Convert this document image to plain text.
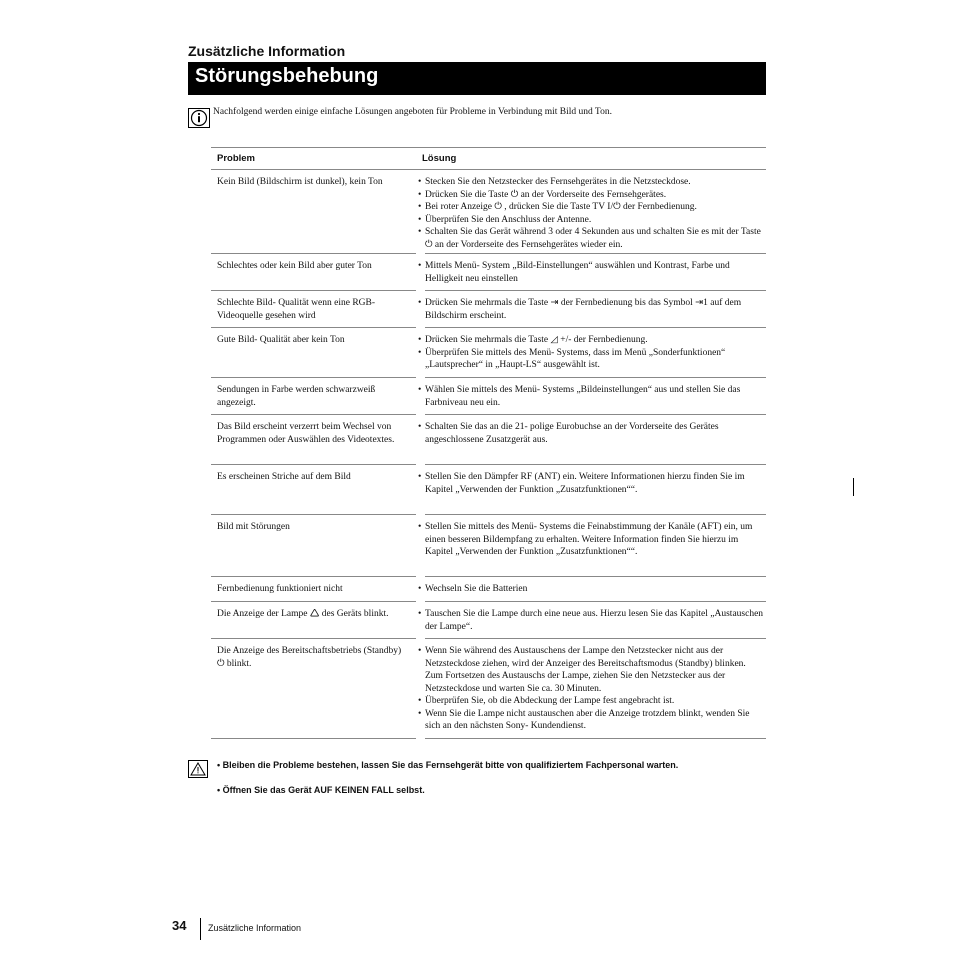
Zusätzliche Information
Störungsbehebung
Nachfolgend werden einige einfache Lösungen angeboten für Probleme in Verbindung mit Bild und Ton.
Problem	Lösung
Kein Bild (Bildschirm ist dunkel), kein Ton	• Stecken Sie den Netzstecker des Fernsehgerätes in die Netzsteckdose.
• Drücken Sie die Taste ⏻ an der Vorderseite des Fernsehgerätes.
• Bei roter Anzeige ⏻ , drücken Sie die Taste TV I/⏻ der Fernbedienung.
• Überprüfen Sie den Anschluss der Antenne.
• Schalten Sie das Gerät während 3 oder 4 Sekunden aus und schalten Sie es mit der Taste ⏻ an der Vorderseite des Fernsehgerätes wieder ein.
Schlechtes oder kein Bild aber guter Ton	• Mittels Menü- System „Bild-Einstellungen“ auswählen und Kontrast, Farbe und Helligkeit neu einstellen
Schlechte Bild- Qualität wenn eine RGB-Videoquelle gesehen wird
• Drücken Sie mehrmals die Taste ⇥ der Fernbedienung bis das Symbol ⇥1 auf dem Bildschirm erscheint.
Gute Bild- Qualität aber kein Ton	• Drücken Sie mehrmals die Taste ◿ +/- der Fernbedienung.
• Überprüfen Sie mittels des Menü- Systems, dass im Menü „Sonderfunktionen“ „Lautsprecher“ in „Haupt-LS“ ausgewählt ist.
Sendungen in Farbe werden schwarzweiß angezeigt.
• Wählen Sie mittels des Menü- Systems „Bildeinstellungen“ aus und stellen Sie das Farbniveau neu ein.
Das Bild erscheint verzerrt beim Wechsel von Programmen oder Auswählen des Videotextes.
• Schalten Sie das an die 21- polige Eurobuchse an der Vorderseite des Gerätes angeschlossene Zusatzgerät aus.
Es erscheinen Striche auf dem Bild	• Stellen Sie den Dämpfer RF (ANT) ein. Weitere Informationen hierzu finden Sie im Kapitel „Verwenden der Funktion „Zusatzfunktionen““.
Bild mit Störungen	• Stellen Sie mittels des Menü- Systems die Feinabstimmung der Kanäle (AFT) ein, um einen besseren Bildempfang zu erhalten. Weitere Information finden Sie hierzu im Kapitel „Verwenden der Funktion „Zusatzfunktionen““.
Fernbedienung funktioniert nicht	• Wechseln Sie die Batterien
Die Anzeige der Lampe 🛆 des Geräts blinkt.	• Tauschen Sie die Lampe durch eine neue aus. Hierzu lesen Sie das Kapitel „Austauschen der Lampe“.
Die Anzeige des Bereitschaftsbetriebs (Standby) ⏻ blinkt.
• Wenn Sie während des Austauschens der Lampe den Netzstecker nicht aus der Netzsteckdose ziehen, wird der Anzeiger des Bereitschaftsmodus (Standby) blinken. Zum Fortsetzen des Austauschs der Lampe, ziehen Sie den Netzstecker aus der Netzsteckdose und warten Sie ca. 30 Minuten.
• Überprüfen Sie, ob die Abdeckung der Lampe fest angebracht ist.
• Wenn Sie die Lampe nicht austauschen aber die Anzeige trotzdem blinkt, wenden Sie sich an den nächsten Sony- Kundendienst.
• Bleiben die Probleme bestehen, lassen Sie das Fernsehgerät bitte von qualifiziertem Fachpersonal warten.
• Öffnen Sie das Gerät AUF KEINEN FALL selbst.
34 Zusätzliche Information
